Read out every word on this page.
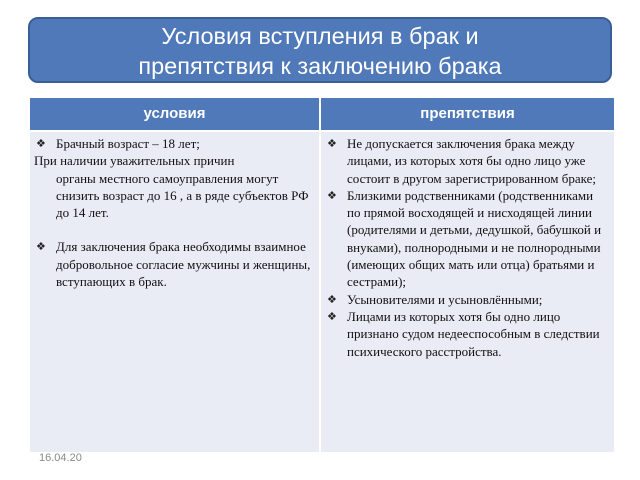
Условия вступления в брак и
препятствия к заключению брака
условия	препятствия
❖ Брачный возраст – 18 лет;
При наличии уважительных причин
органы местного самоуправления могут снизить возраст до 16 , а в ряде субъектов РФ до 14 лет.
❖ Для заключения брака необходимы взаимное добровольное согласие мужчины и женщины, вступающих в брак.
❖ Не допускается заключения брака между лицами, из которых хотя бы одно лицо уже состоит в другом зарегистрированном браке;
❖ Близкими родственниками (родственниками по прямой восходящей и нисходящей линии (родителями и детьми, дедушкой, бабушкой и внуками), полнородными и не полнородными (имеющих общих мать или отца) братьями и сестрами);
❖ Усыновителями и усыновлёнными;
❖ Лицами из которых хотя бы одно лицо признано судом недееспособным в следствии психического расстройства.
16.04.20
